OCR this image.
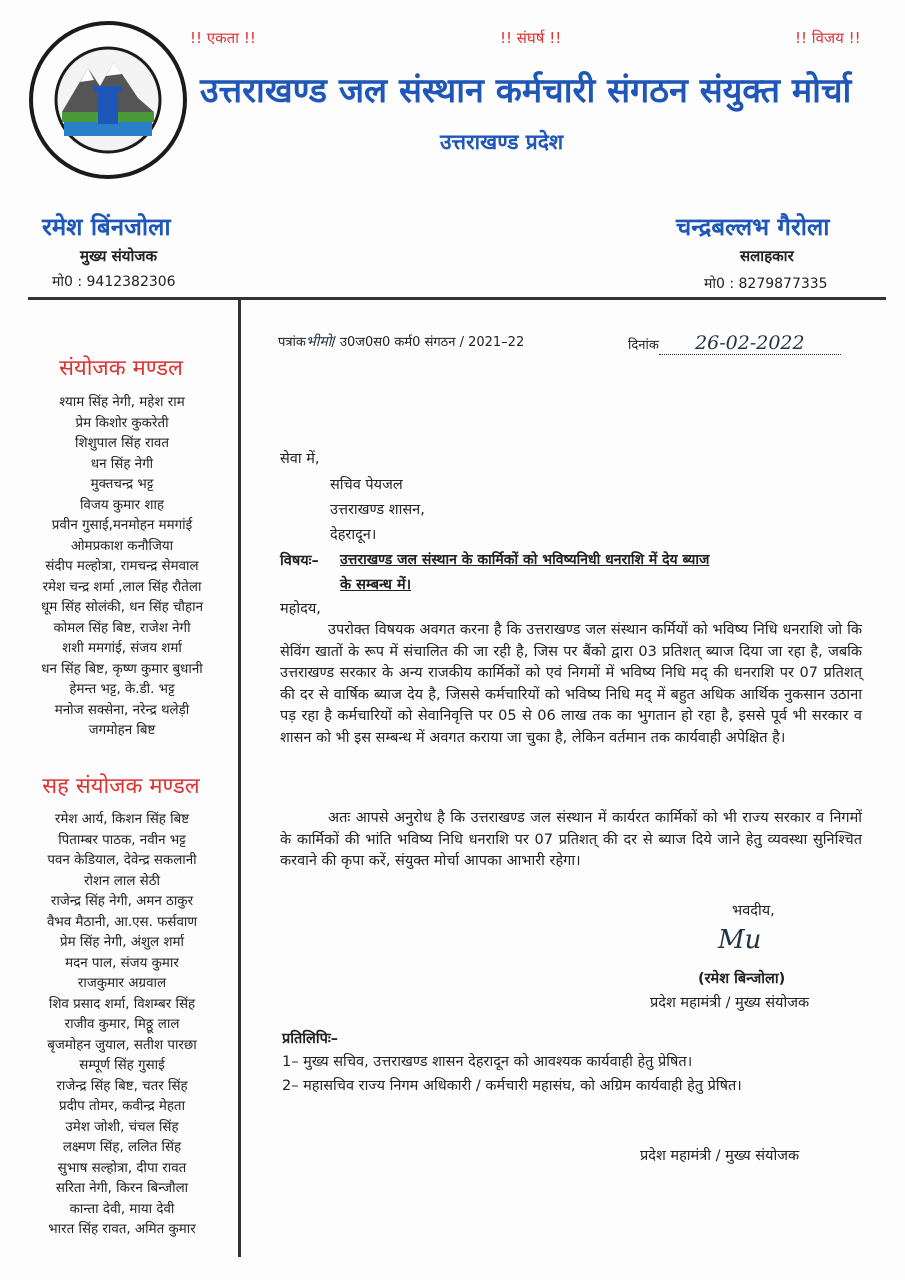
!! एकता !!	!! संघर्ष !!	!! विजय !!
उत्तराखण्ड जल संस्थान कर्मचारी संगठन संयुक्त मोर्चा
उत्तराखण्ड प्रदेश
रमेश बिंनजोला
मुख्य संयोजक
मो0 : 9412382306
चन्द्रबल्लभ गैरोला
सलाहकार
मो0 : 8279877335
संयोजक मण्डल
श्याम सिंह नेगी, महेश राम
प्रेम किशोर कुकरेती
शिशुपाल सिंह रावत
धन सिंह नेगी
मुक्तचन्द्र भट्ट
विजय कुमार शाह
प्रवीन गुसाई,मनमोहन ममगांई
ओमप्रकाश कनौजिया
संदीप मल्होत्रा, रामचन्द्र सेमवाल
रमेश चन्द्र शर्मा ,लाल सिंह रौतेला
धूम सिंह सोलंकी, धन सिंह चौहान
कोमल सिंह बिष्ट, राजेश नेगी
शशी ममगांई, संजय शर्मा
धन सिंह बिष्ट, कृष्ण कुमार बुधानी
हेमन्त भट्ट, के.डी. भट्ट
मनोज सक्सेना, नरेन्द्र थलेड़ी
जगमोहन बिष्ट
सह संयोजक मण्डल
रमेश आर्य, किशन सिंह बिष्ट
पिताम्बर पाठक, नवीन भट्ट
पवन केडियाल, देवेन्द्र सकलानी
रोशन लाल सेठी
राजेन्द्र सिंह नेगी, अमन ठाकुर
वैभव मैठानी, आ.एस. फर्सवाण
प्रेम सिंह नेगी, अंशुल शर्मा
मदन पाल, संजय कुमार
राजकुमार अग्रवाल
शिव प्रसाद शर्मा, विशम्बर सिंह
राजीव कुमार, मिठ्ठू लाल
बृजमोहन जुयाल, सतीश पारछा
सम्पूर्ण सिंह गुसाई
राजेन्द्र सिंह बिष्ट, चतर सिंह
प्रदीप तोमर, कवीन्द्र मेहता
उमेश जोशी, चंचल सिंह
लक्ष्मण सिंह, ललित सिंह
सुभाष सल्होत्रा, दीपा रावत
सरिता नेगी, किरन बिन्जौला
कान्ता देवी, माया देवी
भारत सिंह रावत, अमित कुमार
पत्रांकभीमो/ उ0ज0स0 कर्म0 संगठन / 2021–22	दिनांक 26-02-2022
सेवा में,
सचिव पेयजल
उत्तराखण्ड शासन,
देहरादून।
विषयः– उत्तराखण्ड जल संस्थान के कार्मिकों को भविष्यनिधी धनराशि में देय ब्याज
के सम्बन्ध में।
महोदय,
उपरोक्त विषयक अवगत करना है कि उत्तराखण्ड जल संस्थान कर्मियों को भविष्य निधि धनराशि जो कि सेविंग खातों के रूप में संचालित की जा रही है, जिस पर बैंको द्वारा 03 प्रतिशत् ब्याज दिया जा रहा है, जबकि उत्तराखण्ड सरकार के अन्य राजकीय कार्मिकों को एवं निगमों में भविष्य निधि मद् की धनराशि पर 07 प्रतिशत् की दर से वार्षिक ब्याज देय है, जिससे कर्मचारियों को भविष्य निधि मद् में बहुत अधिक आर्थिक नुकसान उठाना पड़ रहा है कर्मचारियों को सेवानिवृत्ति पर 05 से 06 लाख तक का भुगतान हो रहा है, इससे पूर्व भी सरकार व शासन को भी इस सम्बन्ध में अवगत कराया जा चुका है, लेकिन वर्तमान तक कार्यवाही अपेक्षित है।
अतः आपसे अनुरोध है कि उत्तराखण्ड जल संस्थान में कार्यरत कार्मिकों को भी राज्य सरकार व निगमों के कार्मिकों की भांति भविष्य निधि धनराशि पर 07 प्रतिशत् की दर से ब्याज दिये जाने हेतु व्यवस्था सुनिश्चित करवाने की कृपा करें, संयुक्त मोर्चा आपका आभारी रहेगा।
भवदीय,
Mu
(रमेश बिन्जोला)
प्रदेश महामंत्री / मुख्य संयोजक
प्रतिलिपिः–
1– मुख्य सचिव, उत्तराखण्ड शासन देहरादून को आवश्यक कार्यवाही हेतु प्रेषित।
2– महासचिव राज्य निगम अधिकारी / कर्मचारी महासंघ, को अग्रिम कार्यवाही हेतु प्रेषित।
प्रदेश महामंत्री / मुख्य संयोजक
